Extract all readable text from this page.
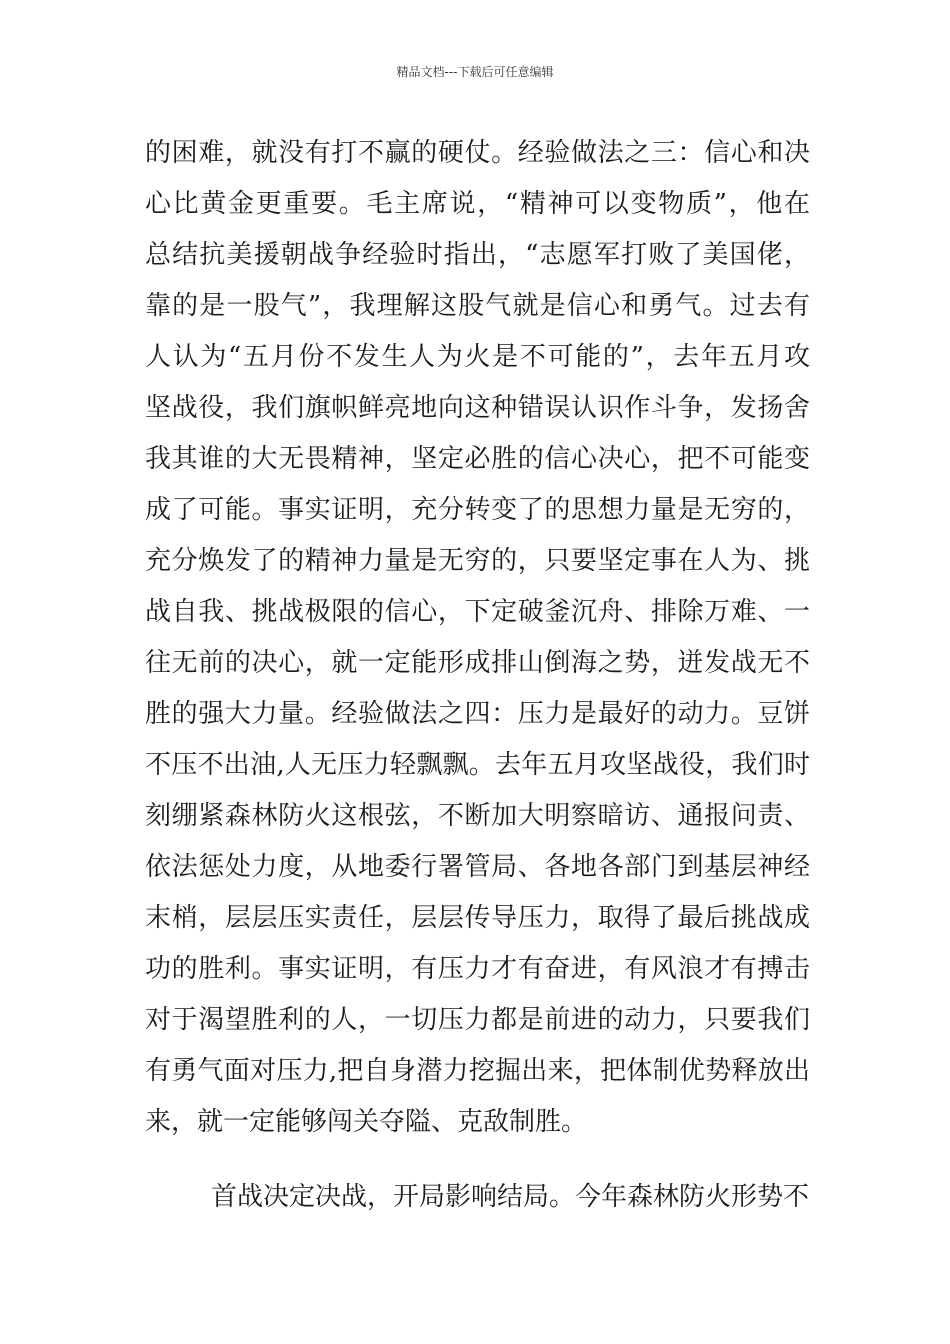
精品文档---下载后可任意编辑
的困难，就没有打不赢的硬仗。经验做法之三：信心和决
心比黄金更重要。毛主席说，“精神可以变物质”，他在
总结抗美援朝战争经验时指出，“志愿军打败了美国佬，
靠的是一股气”，我理解这股气就是信心和勇气。过去有
人认为“五月份不发生人为火是不可能的”，去年五月攻
坚战役，我们旗帜鲜亮地向这种错误认识作斗争，发扬舍
我其谁的大无畏精神，坚定必胜的信心决心，把不可能变
成了可能。事实证明，充分转变了的思想力量是无穷的，
充分焕发了的精神力量是无穷的，只要坚定事在人为、挑
战自我、挑战极限的信心，下定破釜沉舟、排除万难、一
往无前的决心，就一定能形成排山倒海之势，迸发战无不
胜的强大力量。经验做法之四：压力是最好的动力。豆饼
不压不出油,人无压力轻飘飘。去年五月攻坚战役，我们时
刻绷紧森林防火这根弦，不断加大明察暗访、通报问责、
依法惩处力度，从地委行署管局、各地各部门到基层神经
末梢，层层压实责任，层层传导压力，取得了最后挑战成
功的胜利。事实证明，有压力才有奋进，有风浪才有搏击
对于渴望胜利的人，一切压力都是前进的动力，只要我们
有勇气面对压力,把自身潜力挖掘出来，把体制优势释放出
来，就一定能够闯关夺隘、克敌制胜。
首战决定决战，开局影响结局。今年森林防火形势不
